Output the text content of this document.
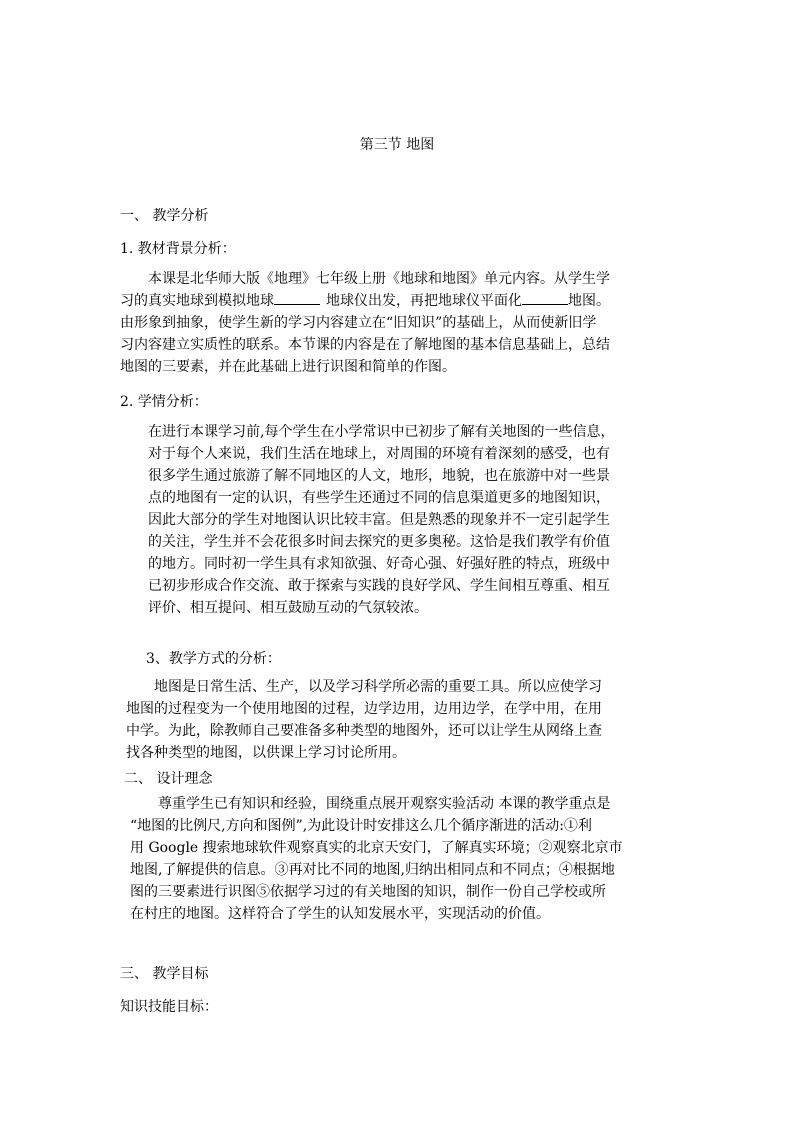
第三节 地图
一、 教学分析
1. 教材背景分析：
本课是北华师大版《地理》七年级上册《地球和地图》单元内容。从学生学
习的真实地球到模拟地球	地球仪出发，再把地球仪平面化	地图。
由形象到抽象，使学生新的学习内容建立在“旧知识”的基础上，从而使新旧学
习内容建立实质性的联系。本节课的内容是在了解地图的基本信息基础上，总结
地图的三要素，并在此基础上进行识图和简单的作图。
2. 学情分析：
在进行本课学习前,每个学生在小学常识中已初步了解有关地图的一些信息，
对于每个人来说，我们生活在地球上，对周围的环境有着深刻的感受，也有
很多学生通过旅游了解不同地区的人文，地形，地貌，也在旅游中对一些景
点的地图有一定的认识，有些学生还通过不同的信息渠道更多的地图知识，
因此大部分的学生对地图认识比较丰富。但是熟悉的现象并不一定引起学生
的关注，学生并不会花很多时间去探究的更多奥秘。这恰是我们教学有价值
的地方。同时初一学生具有求知欲强、好奇心强、好强好胜的特点，班级中
已初步形成合作交流、敢于探索与实践的良好学风、学生间相互尊重、相互
评价、相互提问、相互鼓励互动的气氛较浓。
3、教学方式的分析：
地图是日常生活、生产，以及学习科学所必需的重要工具。所以应使学习
地图的过程变为一个使用地图的过程，边学边用，边用边学，在学中用，在用
中学。为此，除教师自己要准备多种类型的地图外，还可以让学生从网络上查
找各种类型的地图，以供课上学习讨论所用。
二、 设计理念
尊重学生已有知识和经验，围绕重点展开观察实验活动 本课的教学重点是
“地图的比例尺,方向和图例”,为此设计时安排这么几个循序渐进的活动:①利
用 Google 搜索地球软件观察真实的北京天安门，了解真实环境；②观察北京市
地图,了解提供的信息。③再对比不同的地图,归纳出相同点和不同点；④根据地
图的三要素进行识图⑤依据学习过的有关地图的知识，制作一份自己学校或所
在村庄的地图。这样符合了学生的认知发展水平，实现活动的价值。
三、 教学目标
知识技能目标：
